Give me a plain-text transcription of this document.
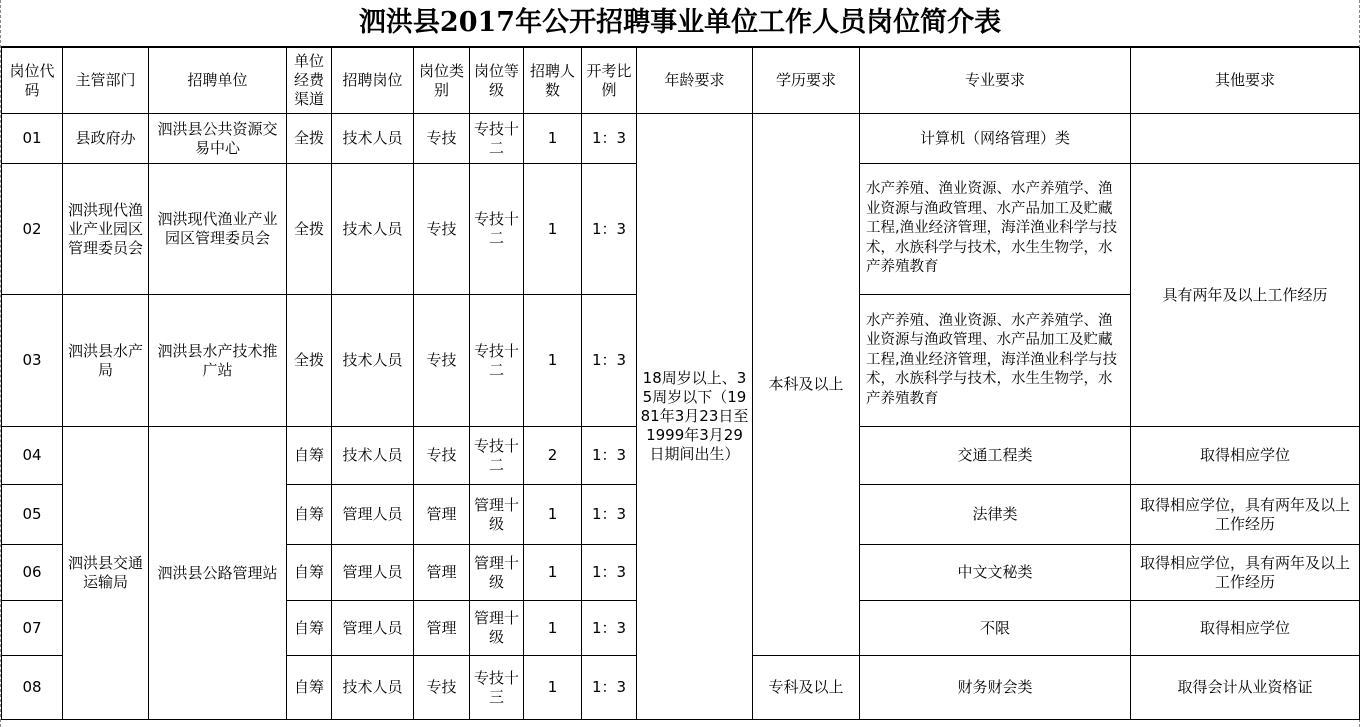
泗洪县2017年公开招聘事业单位工作人员岗位简介表
岗位代码	主管部门	招聘单位	单位经费渠道	招聘岗位	岗位类别	岗位等级	招聘人数	开考比例	年龄要求	学历要求	专业要求	其他要求
01	县政府办	泗洪县公共资源交易中心	全拨	技术人员	专技	专技十二	1	1：3	18周岁以上、35周岁以下（1981年3月23日至1999年3月29日期间出生）	本科及以上	计算机（网络管理）类	
02	泗洪现代渔业产业园区管理委员会	泗洪现代渔业产业园区管理委员会	全拨	技术人员	专技	专技十二	1	1：3			水产养殖、渔业资源、水产养殖学、渔业资源与渔政管理、水产品加工及贮藏工程,渔业经济管理，海洋渔业科学与技术，水族科学与技术，水生生物学，水产养殖教育	具有两年及以上工作经历
03	泗洪县水产局	泗洪县水产技术推广站	全拨	技术人员	专技	专技十二	1	1：3			水产养殖、渔业资源、水产养殖学、渔业资源与渔政管理、水产品加工及贮藏工程,渔业经济管理，海洋渔业科学与技术，水族科学与技术，水生生物学，水产养殖教育	
04	泗洪县交通运输局	泗洪县公路管理站	自筹	技术人员	专技	专技十二	2	1：3			交通工程类	取得相应学位
05			自筹	管理人员	管理	管理十级	1	1：3			法律类	取得相应学位，具有两年及以上工作经历
06			自筹	管理人员	管理	管理十级	1	1：3			中文文秘类	取得相应学位，具有两年及以上工作经历
07			自筹	管理人员	管理	管理十级	1	1：3			不限	取得相应学位
08			自筹	技术人员	专技	专技十三	1	1：3		专科及以上	财务财会类	取得会计从业资格证
